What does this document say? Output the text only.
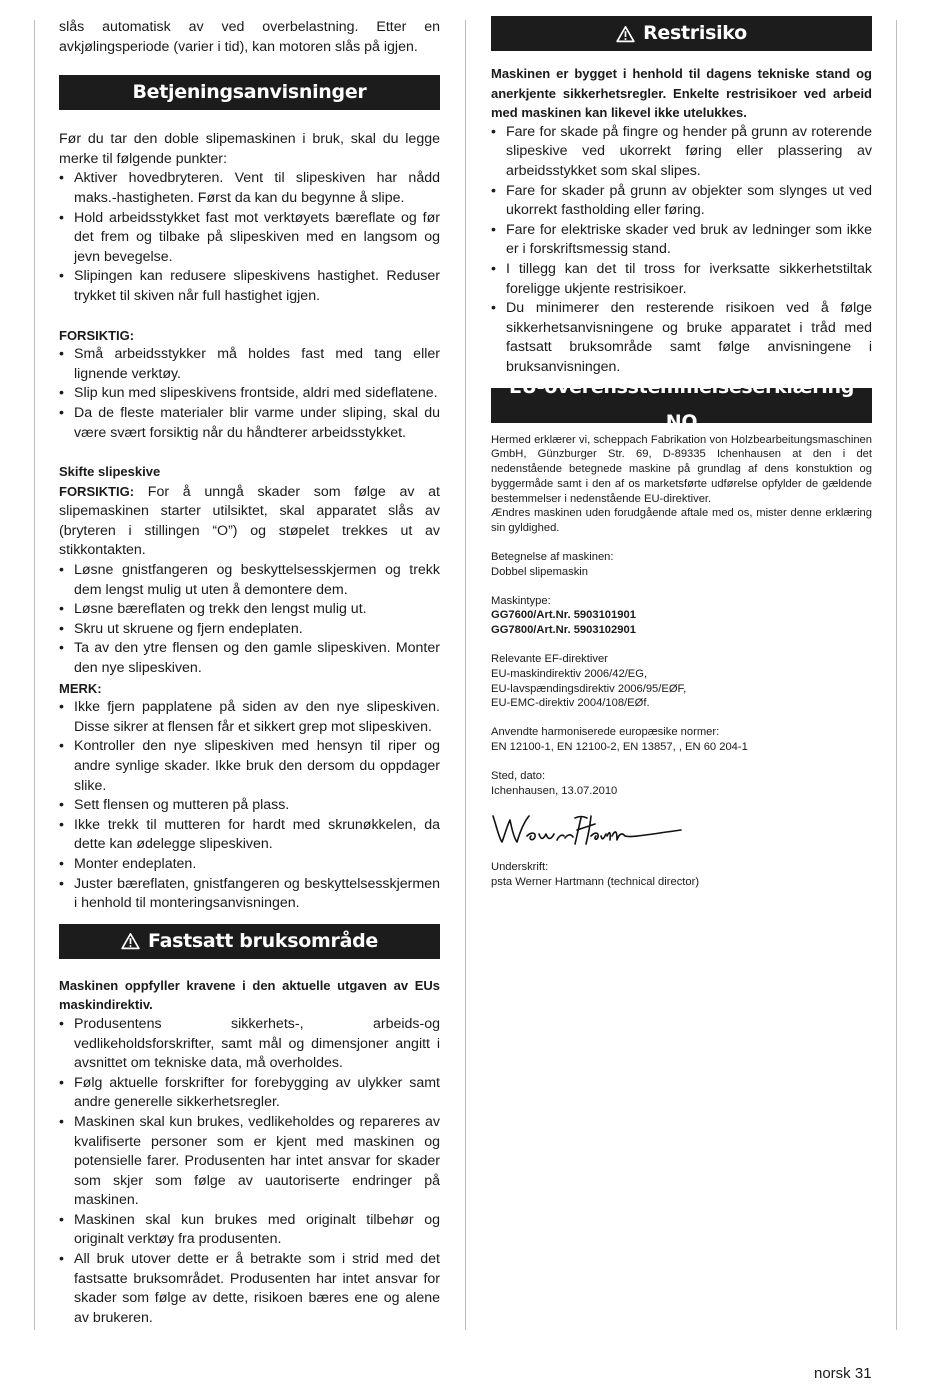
slås automatisk av ved overbelastning. Etter en avkjølingsperiode (varier i tid), kan motoren slås på igjen.

Betjeningsanvisninger

Før du tar den doble slipemaskinen i bruk, skal du legge merke til følgende punkter:

• Aktiver hovedbryteren. Vent til slipeskiven har nådd maks.-hastigheten. Først da kan du begynne å slipe.
• Hold arbeidsstykket fast mot verktøyets bæreflate og før det frem og tilbake på slipeskiven med en langsom og jevn bevegelse.
• Slipingen kan redusere slipeskivens hastighet. Reduser trykket til skiven når full hastighet igjen.

FORSIKTIG:

• Små arbeidsstykker må holdes fast med tang eller lignende verktøy.
• Slip kun med slipeskivens frontside, aldri med sideflatene.
• Da de fleste materialer blir varme under sliping, skal du være svært forsiktig når du håndterer arbeidsstykket.

Skifte slipeskive

FORSIKTIG: For å unngå skader som følge av at slipemaskinen starter utilsiktet, skal apparatet slås av (bryteren i stillingen “O”) og støpelet trekkes ut av stikkontakten.

• Løsne gnistfangeren og beskyttelsesskjermen og trekk dem lengst mulig ut uten å demontere dem.
• Løsne bæreflaten og trekk den lengst mulig ut.
• Skru ut skruene og fjern endeplaten.
• Ta av den ytre flensen og den gamle slipeskiven. Monter den nye slipeskiven.

MERK:

• Ikke fjern papplatene på siden av den nye slipeskiven. Disse sikrer at flensen får et sikkert grep mot slipeskiven.
• Kontroller den nye slipeskiven med hensyn til riper og andre synlige skader. Ikke bruk den dersom du oppdager slike.
• Sett flensen og mutteren på plass.
• Ikke trekk til mutteren for hardt med skrunøkkelen, da dette kan ødelegge slipeskiven.
• Monter endeplaten.
• Juster bæreflaten, gnistfangeren og beskyttelsesskjermen i henhold til monteringsanvisningen.
Fastsatt bruksområde

Maskinen oppfyller kravene i den aktuelle utgaven av EUs maskindirektiv.

• Produsentens sikkerhets-, arbeids-og vedlikeholdsforskrifter, samt mål og dimensjoner angitt i avsnittet om tekniske data, må overholdes.
• Følg aktuelle forskrifter for forebygging av ulykker samt andre generelle sikkerhetsregler.
• Maskinen skal kun brukes, vedlikeholdes og repareres av kvalifiserte personer som er kjent med maskinen og potensielle farer. Produsenten har intet ansvar for skader som skjer som følge av uautoriserte endringer på maskinen.
• Maskinen skal kun brukes med originalt tilbehør og originalt verktøy fra produsenten.
• All bruk utover dette er å betrakte som i strid med det fastsatte bruksområdet. Produsenten har intet ansvar for skader som følge av dette, risikoen bæres ene og alene av brukeren.
Restrisiko

Maskinen er bygget i henhold til dagens tekniske stand og anerkjente sikkerhetsregler. Enkelte restrisikoer ved arbeid med maskinen kan likevel ikke utelukkes.

• Fare for skade på fingre og hender på grunn av roterende slipeskive ved ukorrekt føring eller plassering av arbeidsstykket som skal slipes.
• Fare for skader på grunn av objekter som slynges ut ved ukorrekt fastholding eller føring.
• Fare for elektriske skader ved bruk av ledninger som ikke er i forskriftsmessig stand.
• I tillegg kan det til tross for iverksatte sikkerhetstiltak foreligge ukjente restrisikoer.
• Du minimerer den resterende risikoen ved å følge sikkerhetsanvisningene og bruke apparatet i tråd med fastsatt bruksområde samt følge anvisningene i bruksanvisningen.
EU-overensstemmelseserklæring NO

Hermed erklærer vi, scheppach Fabrikation von Holzbearbeitungsmaschinen GmbH, Günzburger Str. 69, D-89335 Ichenhausen at den i det nedenstående betegnede maskine på grundlag af dens konstuktion og byggermåde samt i den af os marketsførte udførelse opfylder de gældende bestemmelser i nedenstående EU-direktiver.

Ændres maskinen uden forudgående aftale med os, mister denne erklæring sin gyldighed.

Betegnelse af maskinen:

Dobbel slipemaskin

Maskintype:

GG7600/Art.Nr. 5903101901

GG7800/Art.Nr. 5903102901

Relevante EF-direktiver

EU-maskindirektiv 2006/42/EG,

EU-lavspændingsdirektiv 2006/95/EØF,

EU-EMC-direktiv 2004/108/EØf.

Anvendte harmoniserede europæsike normer:

EN 12100-1, EN 12100-2, EN 13857, , EN 60 204-1

Sted, dato:

Ichenhausen, 13.07.2010

Underskrift:

psta Werner Hartmann (technical director)

norsk 31
